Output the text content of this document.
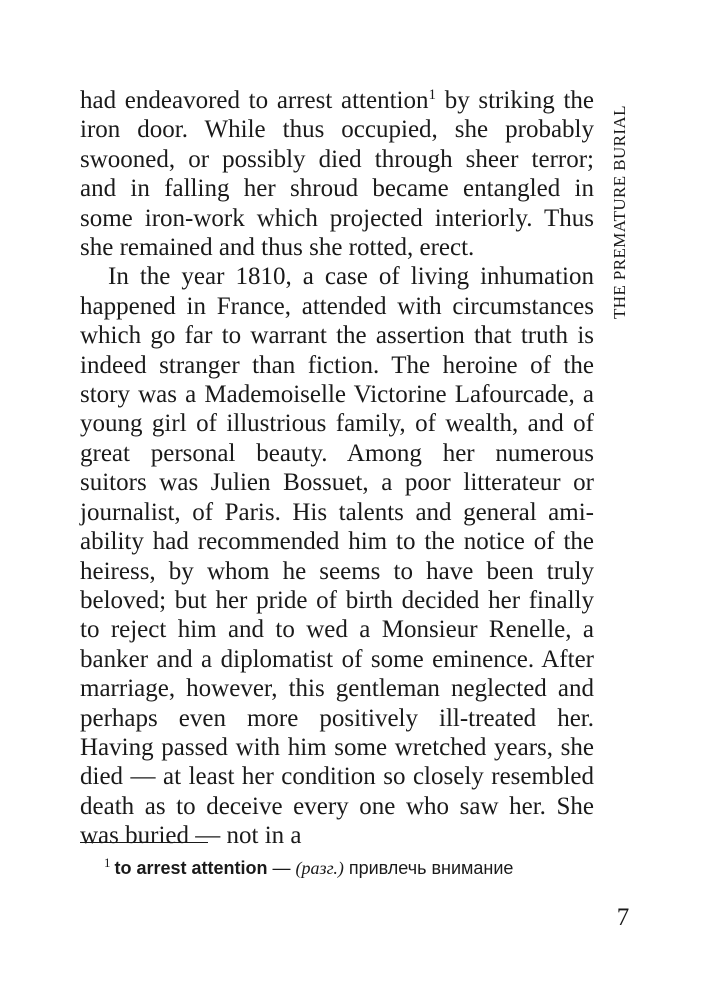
had endeavored to arrest attention$^1$ by striking the iron door. While thus occupied, she probably swooned, or possibly died through sheer terror; and in falling her shroud became entangled in some iron-work which projected interiorly. Thus she remained and thus she rotted, erect.

In the year 1810, a case of living inhumation happened in France, attended with circumstances which go far to warrant the assertion that truth is indeed stranger than fiction. The heroine of the story was a Mademoiselle Victorine Lafourcade, a young girl of illustrious family, of wealth, and of great personal beauty. Among her numerous suitors was Julien Bossuet, a poor litterateur or journalist, of Paris. His talents and general amiability had recommended him to the notice of the heiress, by whom he seems to have been truly beloved; but her pride of birth decided her finally to reject him and to wed a Monsieur Renelle, a banker and a diplomatist of some eminence. After marriage, however, this gentleman neglected and perhaps even more positively ill-treated her. Having passed with him some wretched years, she died — at least her condition so closely resembled death as to deceive every one who saw her. She was buried — not in a

THE PREMATURE BURIAL
$^1$ to arrest attention — (разг.) привлечь внимание
7
